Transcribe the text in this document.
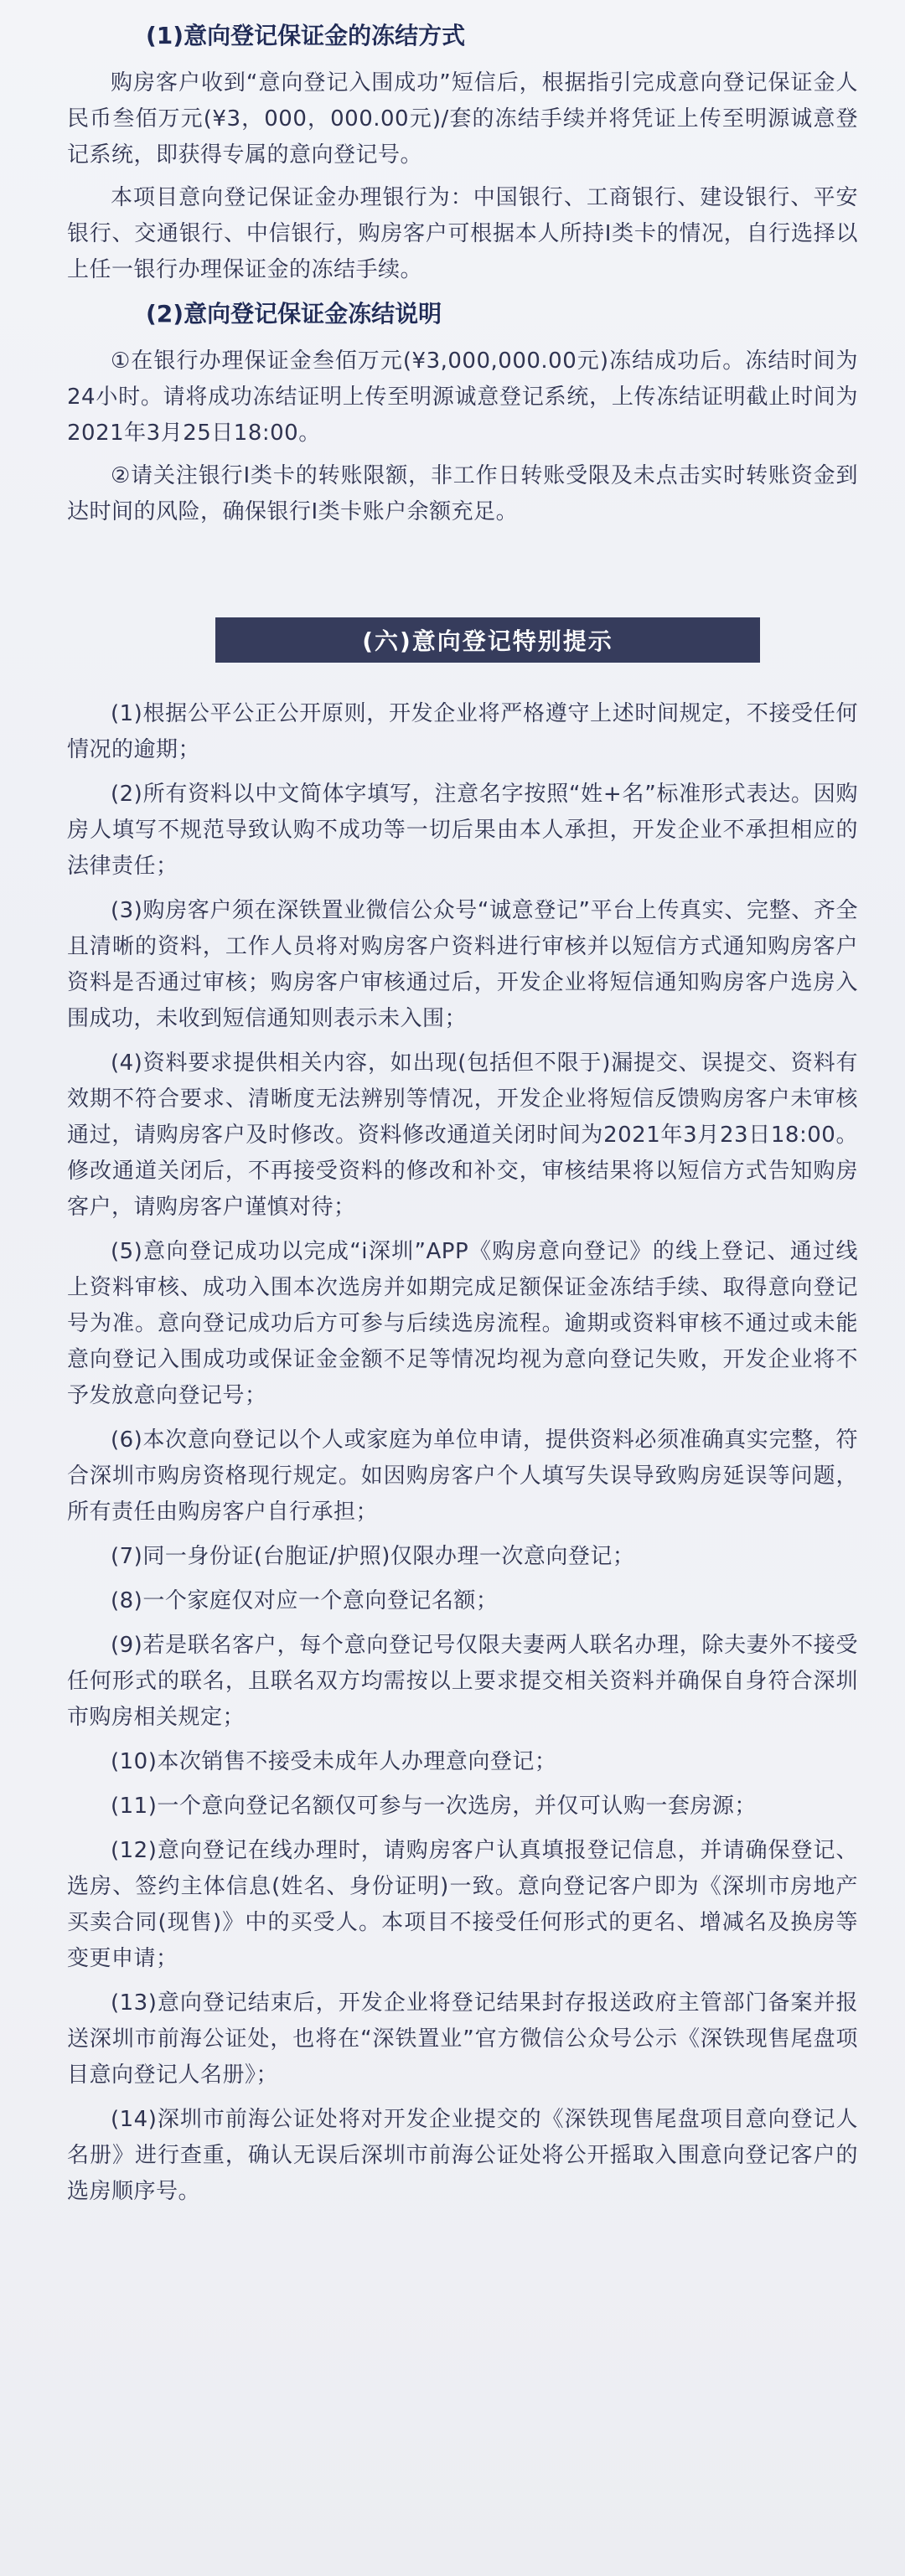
(1)意向登记保证金的冻结方式

购房客户收到“意向登记入围成功”短信后，根据指引完成意向登记保证金人民币叁佰万元(¥3，000，000.00元)/套的冻结手续并将凭证上传至明源诚意登记系统，即获得专属的意向登记号。

本项目意向登记保证金办理银行为：中国银行、工商银行、建设银行、平安银行、交通银行、中信银行，购房客户可根据本人所持Ⅰ类卡的情况，自行选择以上任一银行办理保证金的冻结手续。

(2)意向登记保证金冻结说明

①在银行办理保证金叁佰万元(¥3,000,000.00元)冻结成功后。冻结时间为24小时。请将成功冻结证明上传至明源诚意登记系统，上传冻结证明截止时间为2021年3月25日18:00。

②请关注银行Ⅰ类卡的转账限额，非工作日转账受限及未点击实时转账资金到达时间的风险，确保银行Ⅰ类卡账户余额充足。

(六)意向登记特别提示

(1)根据公平公正公开原则，开发企业将严格遵守上述时间规定，不接受任何情况的逾期；

(2)所有资料以中文简体字填写，注意名字按照“姓+名”标准形式表达。因购房人填写不规范导致认购不成功等一切后果由本人承担，开发企业不承担相应的法律责任；

(3)购房客户须在深铁置业微信公众号“诚意登记”平台上传真实、完整、齐全且清晰的资料，工作人员将对购房客户资料进行审核并以短信方式通知购房客户资料是否通过审核；购房客户审核通过后，开发企业将短信通知购房客户选房入围成功，未收到短信通知则表示未入围；

(4)资料要求提供相关内容，如出现(包括但不限于)漏提交、误提交、资料有效期不符合要求、清晰度无法辨别等情况，开发企业将短信反馈购房客户未审核通过，请购房客户及时修改。资料修改通道关闭时间为2021年3月23日18:00。修改通道关闭后，不再接受资料的修改和补交，审核结果将以短信方式告知购房客户，请购房客户谨慎对待；

(5)意向登记成功以完成“i深圳”APP《购房意向登记》的线上登记、通过线上资料审核、成功入围本次选房并如期完成足额保证金冻结手续、取得意向登记号为准。意向登记成功后方可参与后续选房流程。逾期或资料审核不通过或未能意向登记入围成功或保证金金额不足等情况均视为意向登记失败，开发企业将不予发放意向登记号；

(6)本次意向登记以个人或家庭为单位申请，提供资料必须准确真实完整，符合深圳市购房资格现行规定。如因购房客户个人填写失误导致购房延误等问题，所有责任由购房客户自行承担；

(7)同一身份证(台胞证/护照)仅限办理一次意向登记；

(8)一个家庭仅对应一个意向登记名额；

(9)若是联名客户，每个意向登记号仅限夫妻两人联名办理，除夫妻外不接受任何形式的联名，且联名双方均需按以上要求提交相关资料并确保自身符合深圳市购房相关规定；

(10)本次销售不接受未成年人办理意向登记；

(11)一个意向登记名额仅可参与一次选房，并仅可认购一套房源；

(12)意向登记在线办理时，请购房客户认真填报登记信息，并请确保登记、选房、签约主体信息(姓名、身份证明)一致。意向登记客户即为《深圳市房地产买卖合同(现售)》中的买受人。本项目不接受任何形式的更名、增减名及换房等变更申请；

(13)意向登记结束后，开发企业将登记结果封存报送政府主管部门备案并报送深圳市前海公证处，也将在“深铁置业”官方微信公众号公示《深铁现售尾盘项目意向登记人名册》；

(14)深圳市前海公证处将对开发企业提交的《深铁现售尾盘项目意向登记人名册》进行查重，确认无误后深圳市前海公证处将公开摇取入围意向登记客户的选房顺序号。
